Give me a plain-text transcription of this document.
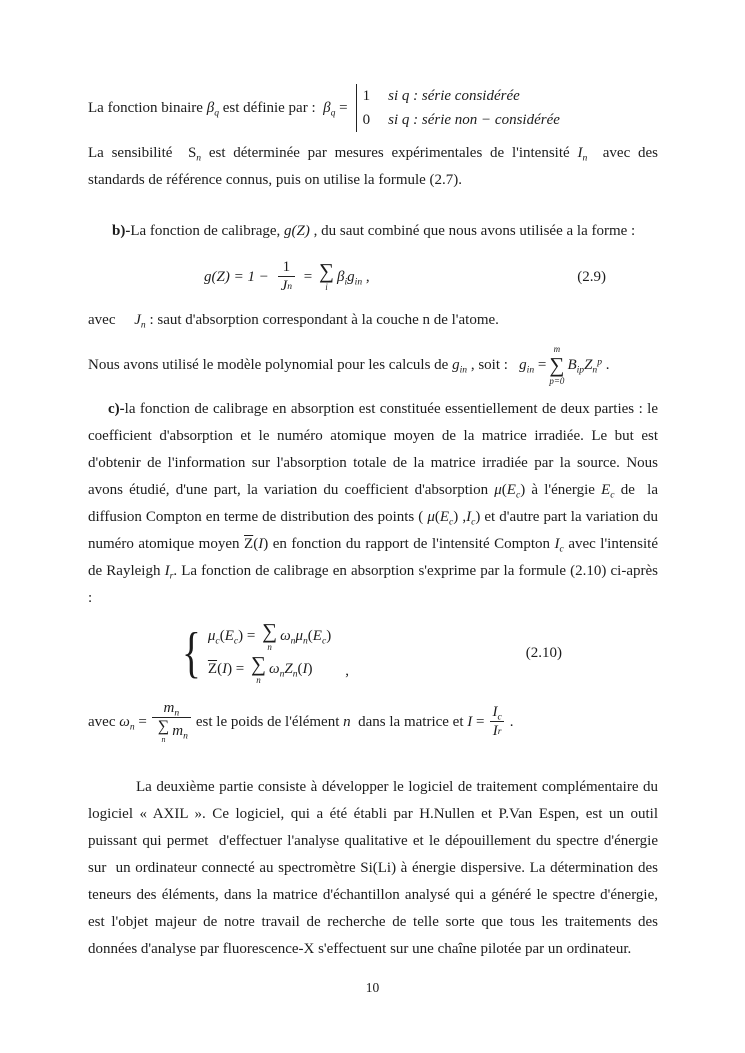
La fonction binaire $\beta_q$ est définie par :  $\beta_q$ =
1 si q : série considérée
0 si q : série non − considérée

La sensibilité  $S_n$ est déterminée par mesures expérimentales de l'intensité $I_n$  avec des standards de référence connus, puis on utilise la formule (2.7).

b)-La fonction de calibrage, g(Z) , du saut combiné que nous avons utilisée a la forme :

$g(Z) = 1 - \frac{1}{\text{J n}}$ = ∑
i
$\beta_ig_{in}$ ,	(2.9)

avec     $J_n$ : saut d'absorption correspondant à la couche n de l'atome.

Nous avons utilisé le modèle polynomial pour les calculs de $g_{in}$ , soit :   $g_{in}$ =
m
∑
p=0
$B_{ip}Z_n^p$ .

c)-la fonction de calibrage en absorption est constituée essentiellement de deux parties : le coefficient d'absorption et le numéro atomique moyen de la matrice irradiée. Le but est d'obtenir de l'information sur l'absorption totale de la matrice irradiée par la source. Nous avons étudié, d'une part, la variation du coefficient d'absorption $\mu(E_c)$ à l'énergie $E_c$ de  la diffusion Compton en terme de distribution des points ( $\mu(E_c)$ $,I_c$) et d'autre part la variation du numéro atomique moyen $\overline{Z}(I)$ en fonction du rapport de l'intensité Compton $I_c$ avec l'intensité de Rayleigh $I_r$. La fonction de calibrage en absorption s'exprime par la formule (2.10) ci-après :

{ $\mu_c(E_c)$ = ∑
n
$\omega_n\mu_n(E_c)$
$\overline{Z}(I)$ = ∑
n
$\omega_nZ_n(I)$ ,
(2.10)
avec $\omega_n = m_n$
∑
n
$m_n$ est le poids de l'élément n  dans la matrice et $I = \frac{I_c}{\text{I r}}$ .

La deuxième partie consiste à développer le logiciel de traitement complémentaire du logiciel « AXIL ». Ce logiciel, qui a été établi par H.Nullen et P.Van Espen, est un outil puissant qui permet  d'effectuer l'analyse qualitative et le dépouillement du spectre d'énergie sur  un ordinateur connecté au spectromètre Si(Li) à énergie dispersive. La détermination des teneurs des éléments, dans la matrice d'échantillon analysé qui a généré le spectre d'énergie, est l'objet majeur de notre travail de recherche de telle sorte que tous les traitements des données d'analyse par fluorescence-X s'effectuent sur une chaîne pilotée par un ordinateur.

10
